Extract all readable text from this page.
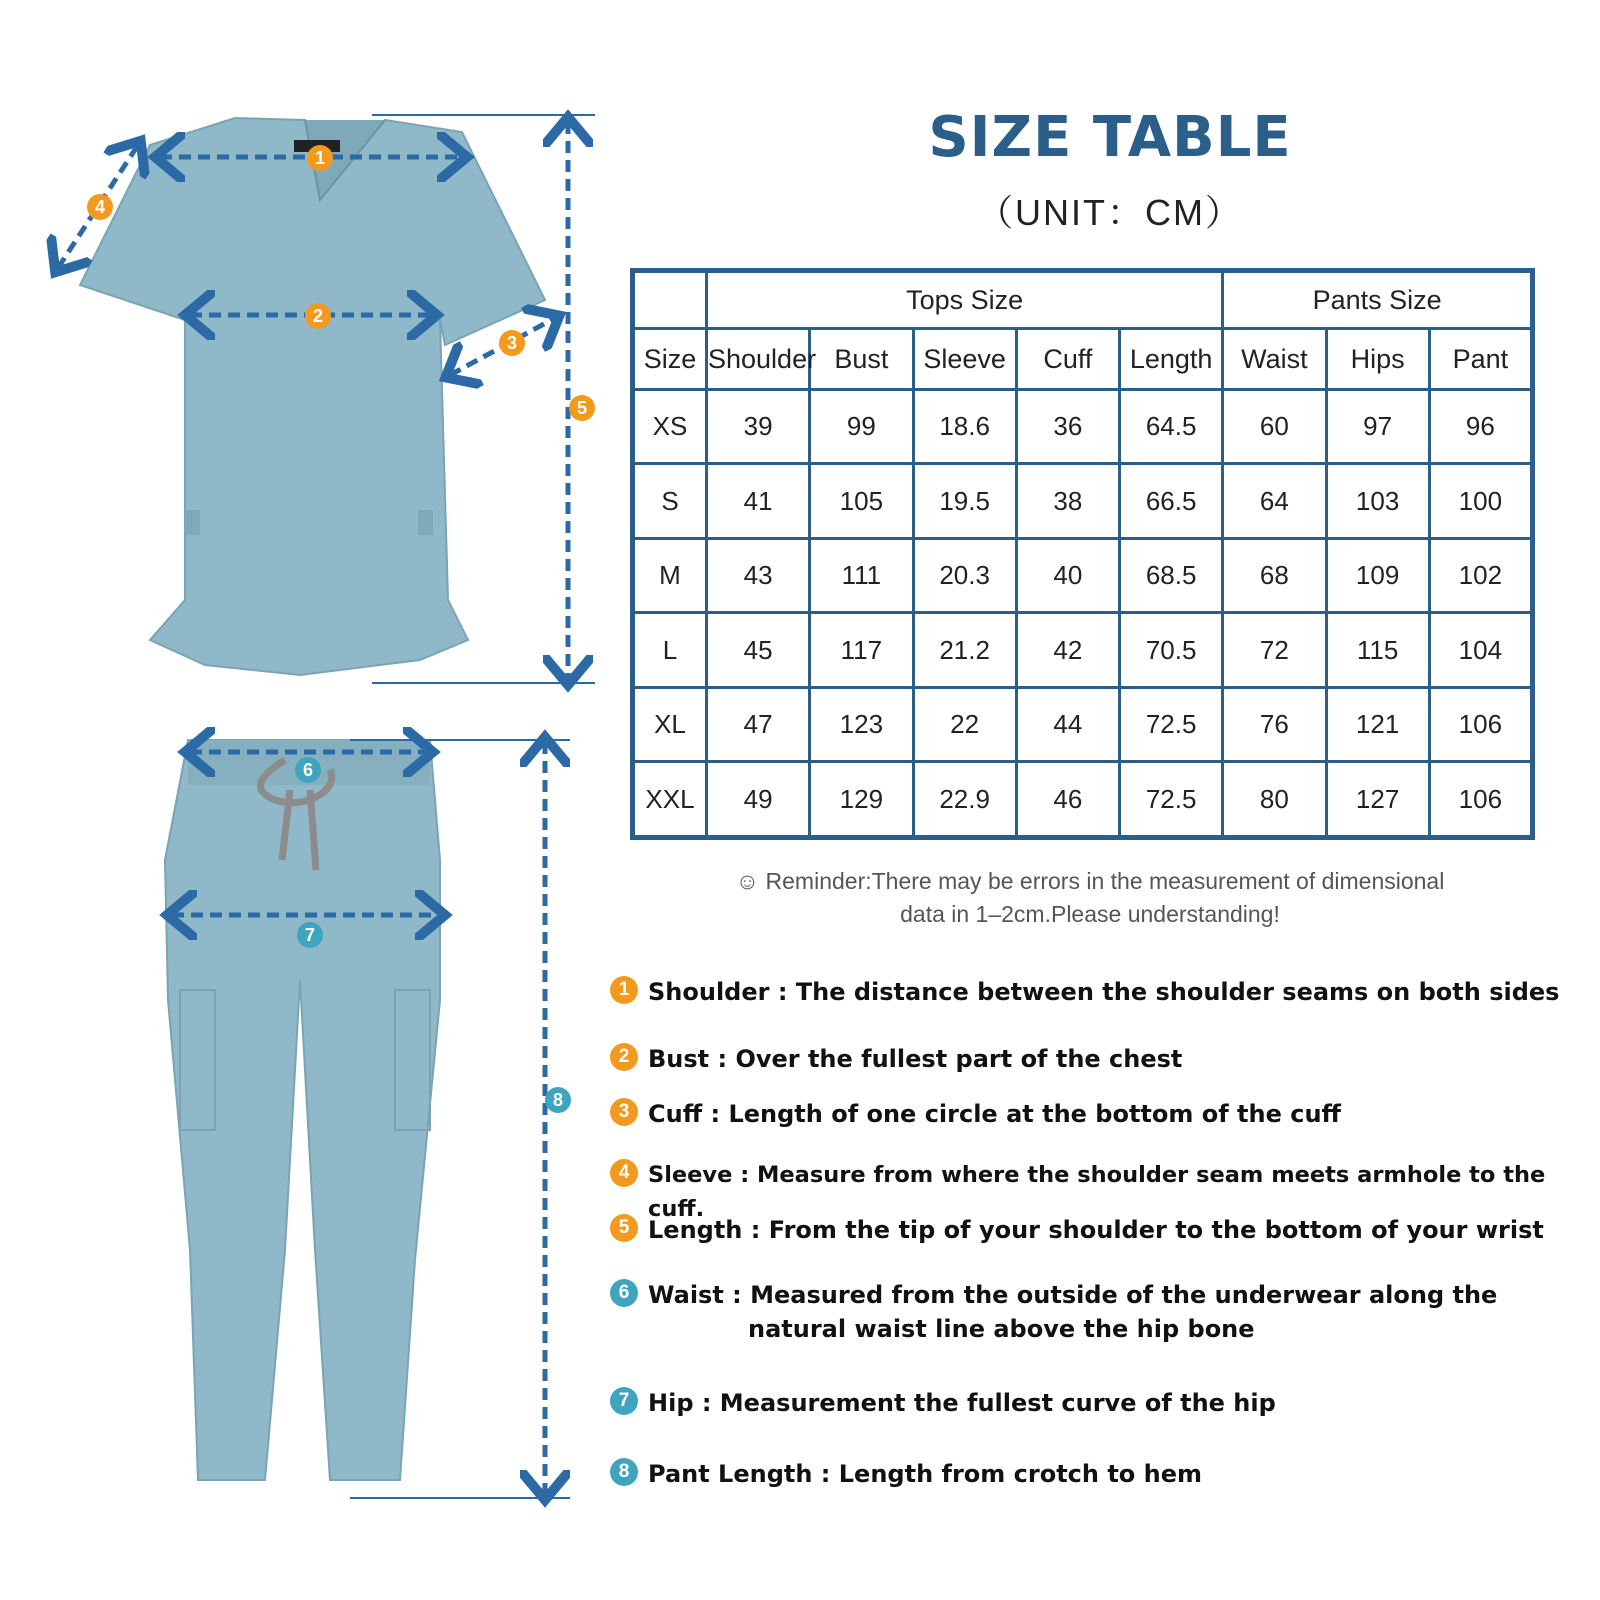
1
2
3
4
5
6
7
8
SIZE TABLE
（UNIT：CM）
	Tops Size					Pants Size		
Size	Shoulder	Bust	Sleeve	Cuff	Length	Waist	Hips	Pant
XS	39	99	18.6	36	64.5	60	97	96
S	41	105	19.5	38	66.5	64	103	100
M	43	111	20.3	40	68.5	68	109	102
L	45	117	21.2	42	70.5	72	115	104
XL	47	123	22	44	72.5	76	121	106
XXL	49	129	22.9	46	72.5	80	127	106
☺ Reminder:There may be errors in the measurement of dimensional
data in 1–2cm.Please understanding!
1 Shoulder : The distance between the shoulder seams on both sides
2 Bust : Over the fullest part of the chest
3 Cuff : Length of one circle at the bottom of the cuff
4 Sleeve : Measure from where the shoulder seam meets armhole to the cuff.
5 Length : From the tip of your shoulder to the bottom of your wrist
6 Waist : Measured from the outside of the underwear along the
natural waist line above the hip bone
7 Hip : Measurement the fullest curve of the hip
8 Pant Length : Length from crotch to hem
